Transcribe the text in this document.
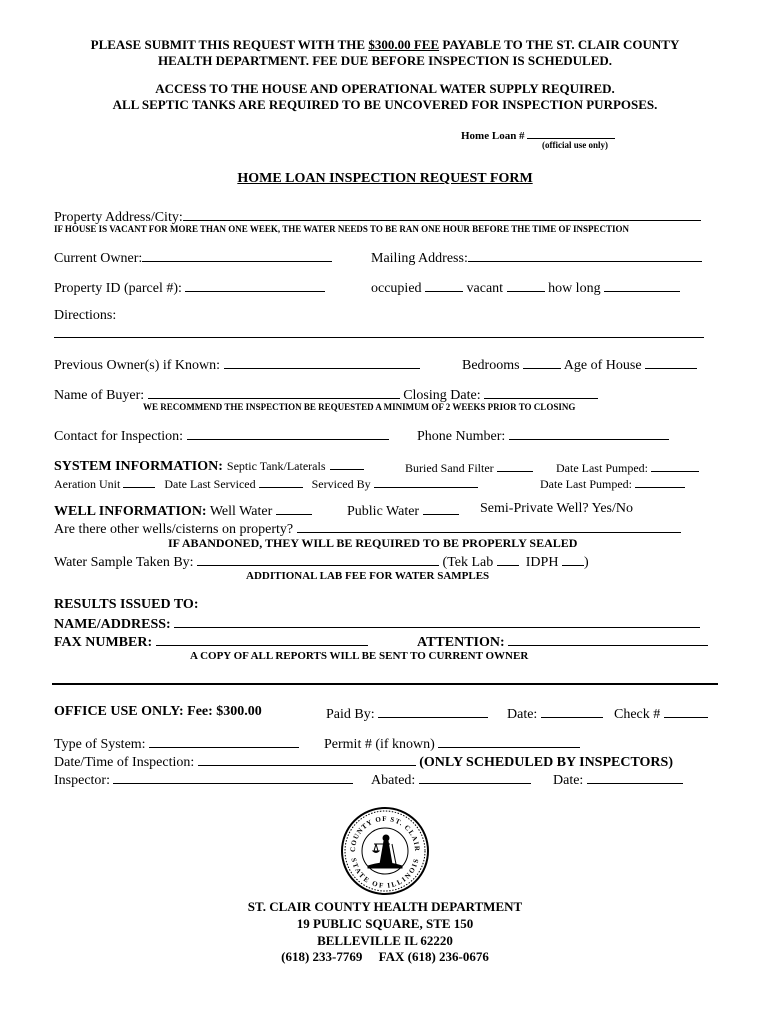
PLEASE SUBMIT THIS REQUEST WITH THE $300.00 FEE PAYABLE TO THE ST. CLAIR COUNTY
HEALTH DEPARTMENT. FEE DUE BEFORE INSPECTION IS SCHEDULED.
ACCESS TO THE HOUSE AND OPERATIONAL WATER SUPPLY REQUIRED.
ALL SEPTIC TANKS ARE REQUIRED TO BE UNCOVERED FOR INSPECTION PURPOSES.
Home Loan #
(official use only)
HOME LOAN INSPECTION REQUEST FORM
Property Address/City:
IF HOUSE IS VACANT FOR MORE THAN ONE WEEK, THE WATER NEEDS TO BE RAN ONE HOUR BEFORE THE TIME OF INSPECTION
Current Owner:	Mailing Address:
Property ID (parcel #):	occupied	vacant	how long
Directions:
Previous Owner(s) if Known:	Bedrooms	Age of House
Name of Buyer:	Closing Date:
WE RECOMMEND THE INSPECTION BE REQUESTED A MINIMUM OF 2 WEEKS PRIOR TO CLOSING
Contact for Inspection:	Phone Number:
SYSTEM INFORMATION: Septic Tank/Laterals	Buried Sand Filter	Date Last Pumped:
Aeration Unit	Date Last Serviced	Serviced By	Date Last Pumped:
WELL INFORMATION: Well Water	Public Water	Semi-Private Well? Yes/No
Are there other wells/cisterns on property?
IF ABANDONED, THEY WILL BE REQUIRED TO BE PROPERLY SEALED
Water Sample Taken By:	(Tek Lab IDPH )
ADDITIONAL LAB FEE FOR WATER SAMPLES
RESULTS ISSUED TO:
NAME/ADDRESS:
FAX NUMBER:	ATTENTION:
A COPY OF ALL REPORTS WILL BE SENT TO CURRENT OWNER
OFFICE USE ONLY: Fee: $300.00	Paid By:	Date:	Check #
Type of System:	Permit # (if known)
Date/Time of Inspection:	(ONLY SCHEDULED BY INSPECTORS)
Inspector:	Abated:	Date:
COUNTY OF ST. CLAIR
STATE OF ILLINOIS
ST. CLAIR COUNTY HEALTH DEPARTMENT
19 PUBLIC SQUARE, STE 150
BELLEVILLE IL 62220
(618) 233-7769     FAX (618) 236-0676
